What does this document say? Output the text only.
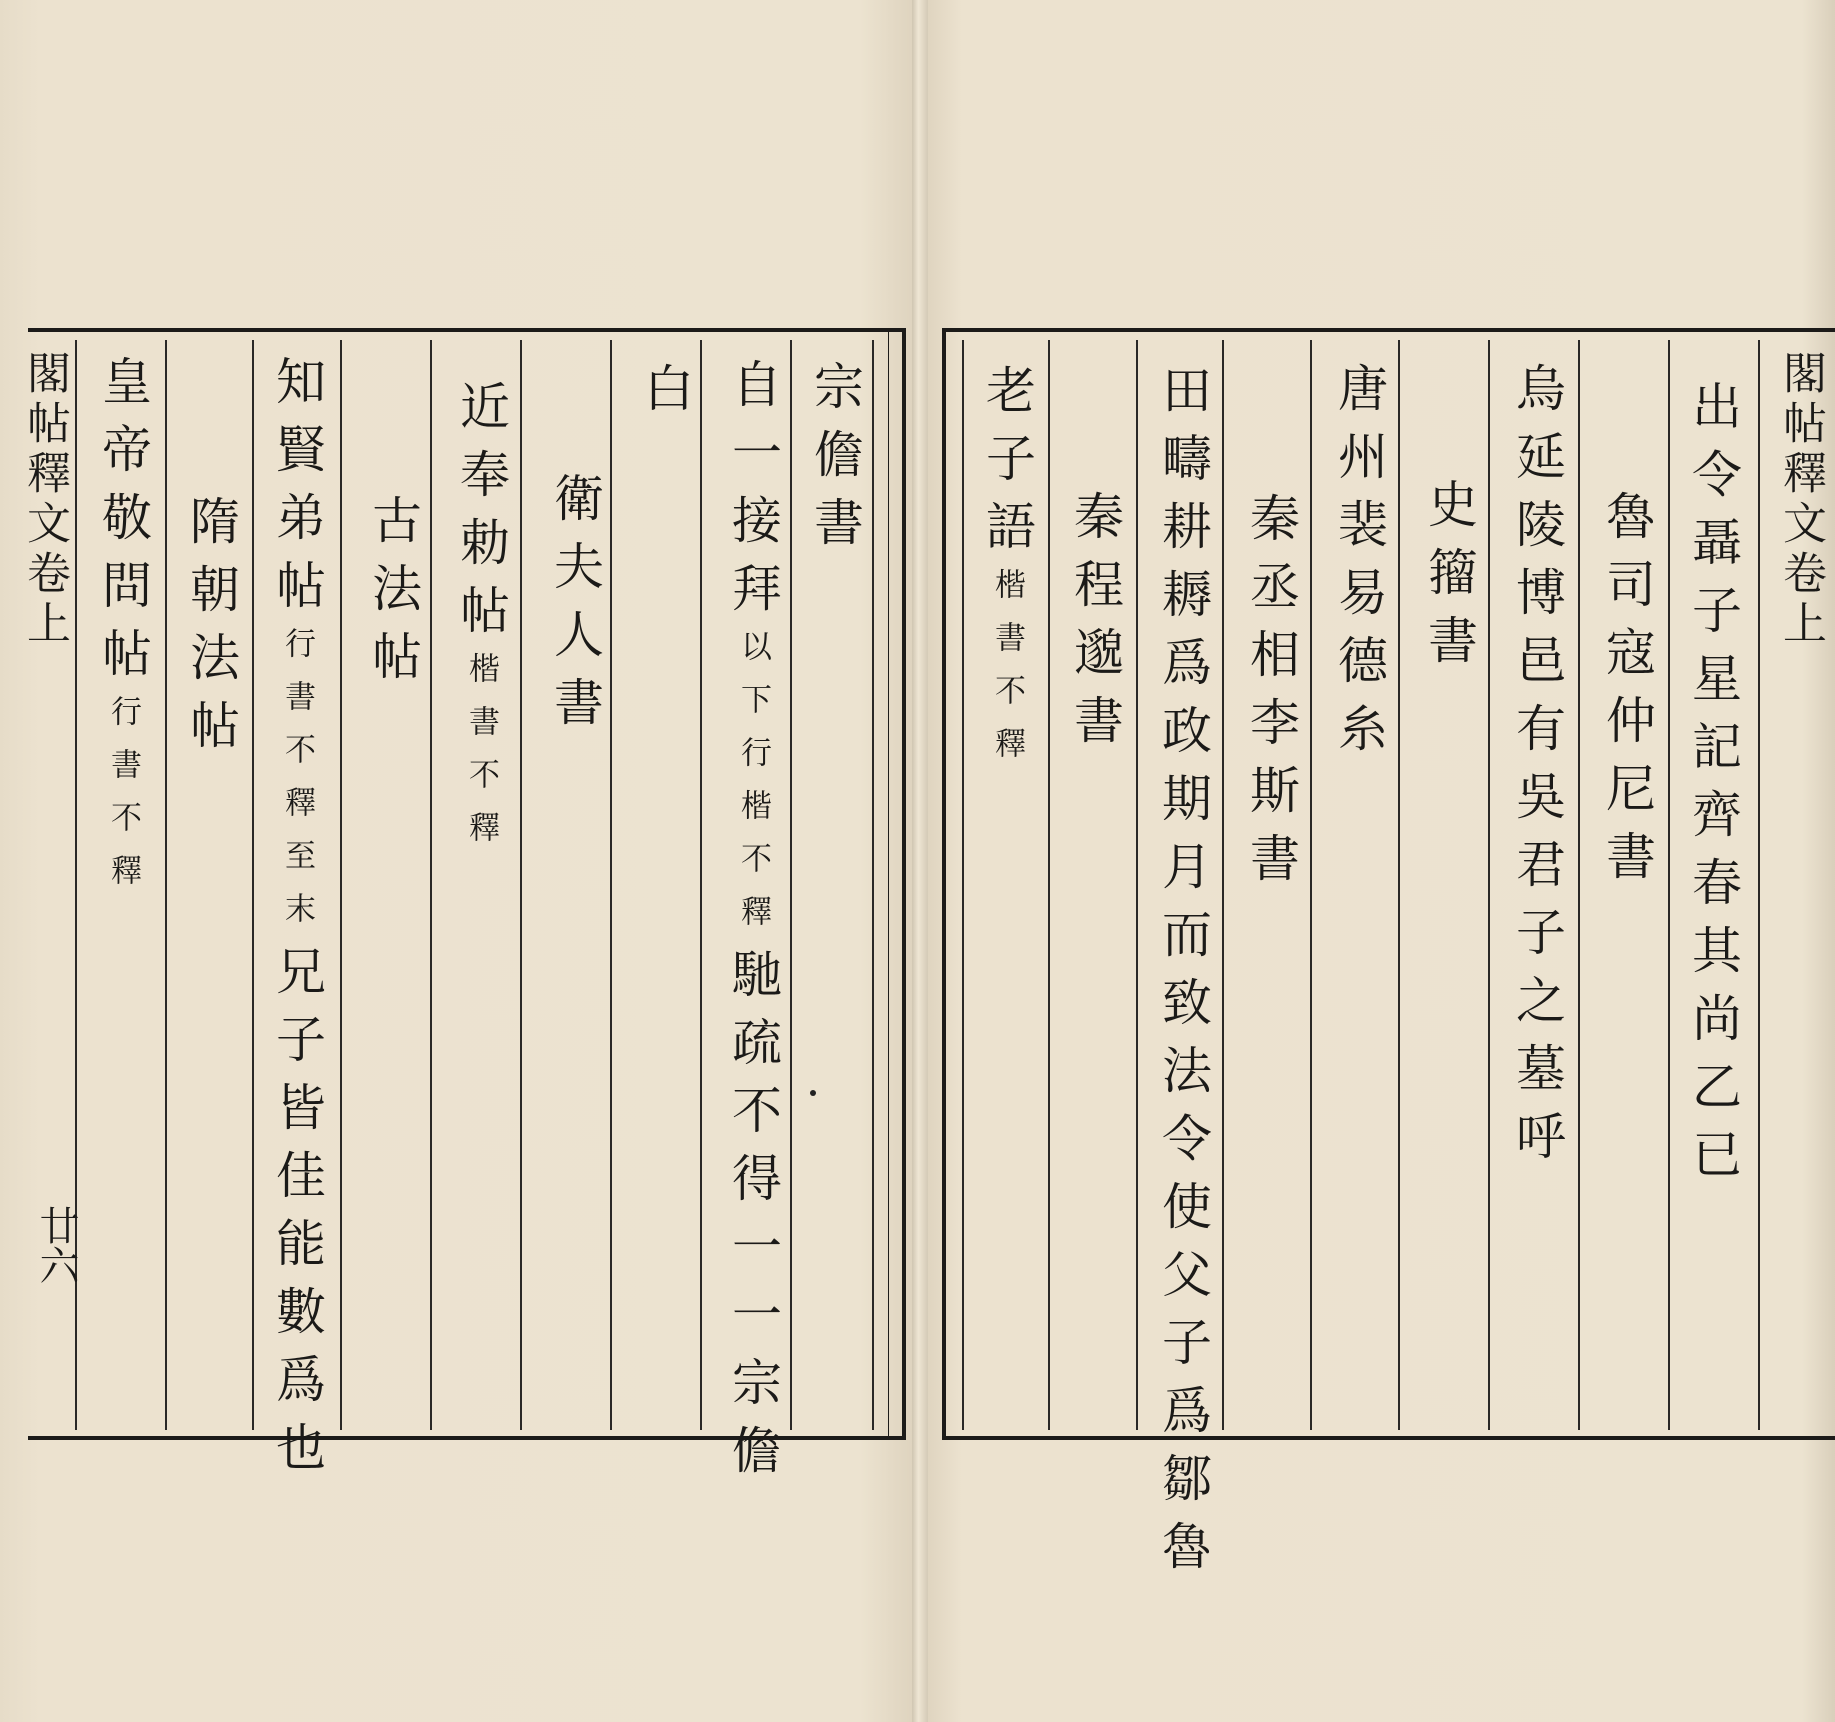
宗儋書
自一接拜以下行楷不釋馳疏不得一一宗儋
白
衛夫人書
近奉勅帖楷書不釋
古法帖
知賢弟帖行書不釋至末兄子皆佳能數爲也
隋朝法帖
皇帝敬問帖行書不釋
閣帖釋文卷上
廿六
閣帖釋文卷上
出令聶子星記齊春其尚乙已
魯司寇仲尼書
烏延陵博邑有吳君子之墓呼
史籀書
唐州裴易德糸
秦丞相李斯書
田疇耕耨爲政期月而致法令使父子爲鄒魯
秦程邈書
老子語楷書不釋
